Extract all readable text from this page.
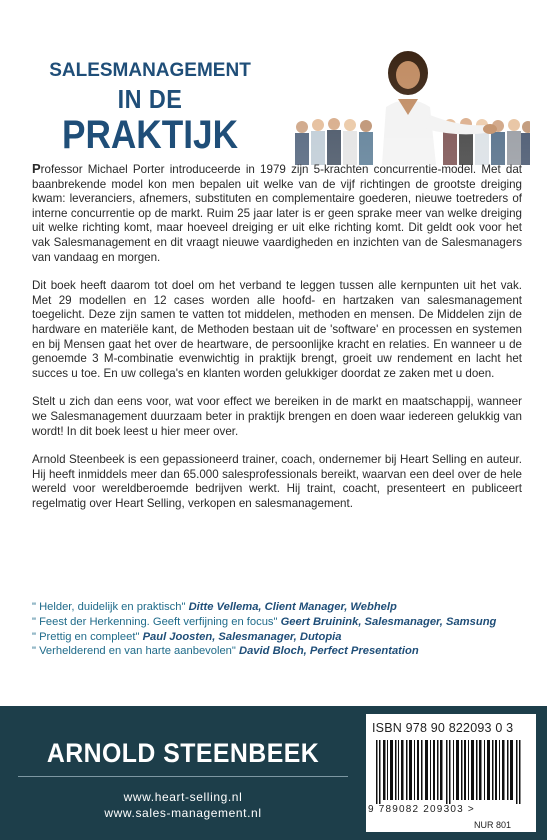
SALESMANAGEMENT
IN DE
PRAKTIJK

Professor Michael Porter introduceerde in 1979 zijn 5-krachten concurrentie-model. Met dat baanbrekende model kon men bepalen uit welke van de vijf richtingen de grootste dreiging kwam: leveranciers, afnemers, substituten en complementaire goederen, nieuwe toetreders of interne concurrentie op de markt. Ruim 25 jaar later is er geen sprake meer van welke dreiging uit welke richting komt, maar hoeveel dreiging er uit elke richting komt. Dit geldt ook voor het vak Salesmanagement en dit vraagt nieuwe vaardigheden en inzichten van de Salesmanagers van vandaag en morgen.

Dit boek heeft daarom tot doel om het verband te leggen tussen alle kernpunten uit het vak. Met 29 modellen en 12 cases worden alle hoofd- en hartzaken van salesmanagement toegelicht. Deze zijn samen te vatten tot middelen, methoden en mensen. De Middelen zijn de hardware en materiële kant, de Methoden bestaan uit de 'software' en processen en systemen en bij Mensen gaat het over de heartware, de persoonlijke kracht en relaties. En wanneer u de genoemde 3 M-combinatie evenwichtig in praktijk brengt, groeit uw rendement en lacht het succes u toe. En uw collega's en klanten worden gelukkiger doordat ze zaken met u doen.

Stelt u zich dan eens voor, wat voor effect we bereiken in de markt en maatschappij, wanneer we Salesmanagement duurzaam beter in praktijk brengen en doen waar iedereen gelukkig van wordt! In dit boek leest u hier meer over.

Arnold Steenbeek is een gepassioneerd trainer, coach, ondernemer bij Heart Selling en auteur. Hij heeft inmiddels meer dan 65.000 salesprofessionals bereikt, waarvan een deel over de hele wereld voor wereldberoemde bedrijven werkt. Hij traint, coacht, presenteert en publiceert regelmatig over Heart Selling, verkopen en salesmanagement.

" Helder, duidelijk en praktisch" Ditte Vellema, Client Manager, Webhelp
" Feest der Herkenning. Geeft verfijning en focus" Geert Bruinink, Salesmanager, Samsung
" Prettig en compleet" Paul Joosten, Salesmanager, Dutopia
" Verhelderend en van harte aanbevolen" David Bloch, Perfect Presentation
ARNOLD STEENBEEK
www.heart-selling.nl
www.sales-management.nl
ISBN 978 90 822093 0 3
9 789082 209303 >
NUR 801
